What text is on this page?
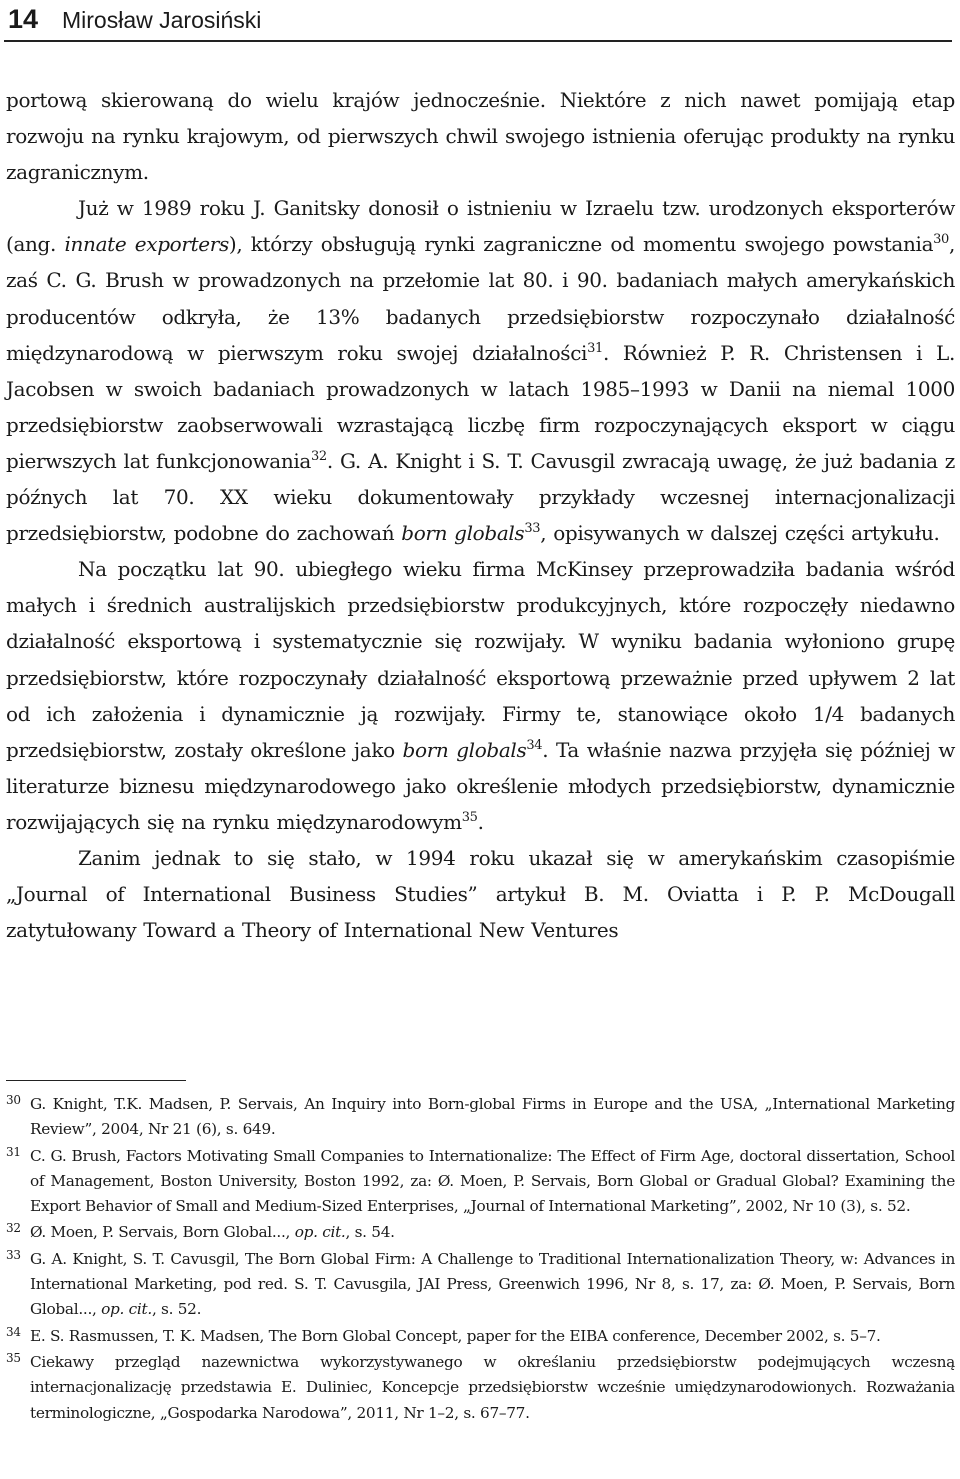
14 Mirosław Jarosiński

portową skierowaną do wielu krajów jednocześnie. Niektóre z nich nawet pomijają etap rozwoju na rynku krajowym, od pierwszych chwil swojego istnienia oferując produkty na rynku zagranicznym.

Już w 1989 roku J. Ganitsky donosił o istnieniu w Izraelu tzw. urodzonych eksporterów (ang. innate exporters), którzy obsługują rynki zagraniczne od momentu swojego powstania$^{30}$, zaś C. G. Brush w prowadzonych na przełomie lat 80. i 90. badaniach małych amerykańskich producentów odkryła, że 13% badanych przedsiębiorstw rozpoczynało działalność międzynarodową w pierwszym roku swojej działalności$^{31}$. Również P. R. Christensen i L. Jacobsen w swoich badaniach prowadzonych w latach 1985–1993 w Danii na niemal 1000 przedsiębiorstw zaobserwowali wzrastającą liczbę firm rozpoczynających eksport w ciągu pierwszych lat funkcjonowania$^{32}$. G. A. Knight i S. T. Cavusgil zwracają uwagę, że już badania z późnych lat 70. XX wieku dokumentowały przykłady wczesnej internacjonalizacji przedsiębiorstw, podobne do zachowań born globals$^{33}$, opisywanych w dalszej części artykułu.

Na początku lat 90. ubiegłego wieku firma McKinsey przeprowadziła badania wśród małych i średnich australijskich przedsiębiorstw produkcyjnych, które rozpoczęły niedawno działalność eksportową i systematycznie się rozwijały. W wyniku badania wyłoniono grupę przedsiębiorstw, które rozpoczynały działalność eksportową przeważnie przed upływem 2 lat od ich założenia i dynamicznie ją rozwijały. Firmy te, stanowiące około 1/4 badanych przedsiębiorstw, zostały określone jako born globals$^{34}$. Ta właśnie nazwa przyjęła się później w literaturze biznesu międzynarodowego jako określenie młodych przedsiębiorstw, dynamicznie rozwijających się na rynku międzynarodowym$^{35}$.

Zanim jednak to się stało, w 1994 roku ukazał się w amerykańskim czasopiśmie „Journal of International Business Studies” artykuł B. M. Oviatta i P. P. McDougall zatytułowany Toward a Theory of International New Ventures

30 G. Knight, T.K. Madsen, P. Servais, An Inquiry into Born-global Firms in Europe and the USA, „International Marketing Review”, 2004, Nr 21 (6), s. 649.
31 C. G. Brush, Factors Motivating Small Companies to Internationalize: The Effect of Firm Age, doctoral dissertation, School of Management, Boston University, Boston 1992, za: Ø. Moen, P. Servais, Born Global or Gradual Global? Examining the Export Behavior of Small and Medium-Sized Enterprises, „Journal of International Marketing”, 2002, Nr 10 (3), s. 52.
32 Ø. Moen, P. Servais, Born Global..., op. cit., s. 54.
33 G. A. Knight, S. T. Cavusgil, The Born Global Firm: A Challenge to Traditional Internationalization Theory, w: Advances in International Marketing, pod red. S. T. Cavusgila, JAI Press, Greenwich 1996, Nr 8, s. 17, za: Ø. Moen, P. Servais, Born Global..., op. cit., s. 52.
34 E. S. Rasmussen, T. K. Madsen, The Born Global Concept, paper for the EIBA conference, December 2002, s. 5–7.
35 Ciekawy przegląd nazewnictwa wykorzystywanego w określaniu przedsiębiorstw podejmujących wczesną internacjonalizację przedstawia E. Duliniec, Koncepcje przedsiębiorstw wcześnie umiędzynarodowionych. Rozważania terminologiczne, „Gospodarka Narodowa”, 2011, Nr 1–2, s. 67–77.
